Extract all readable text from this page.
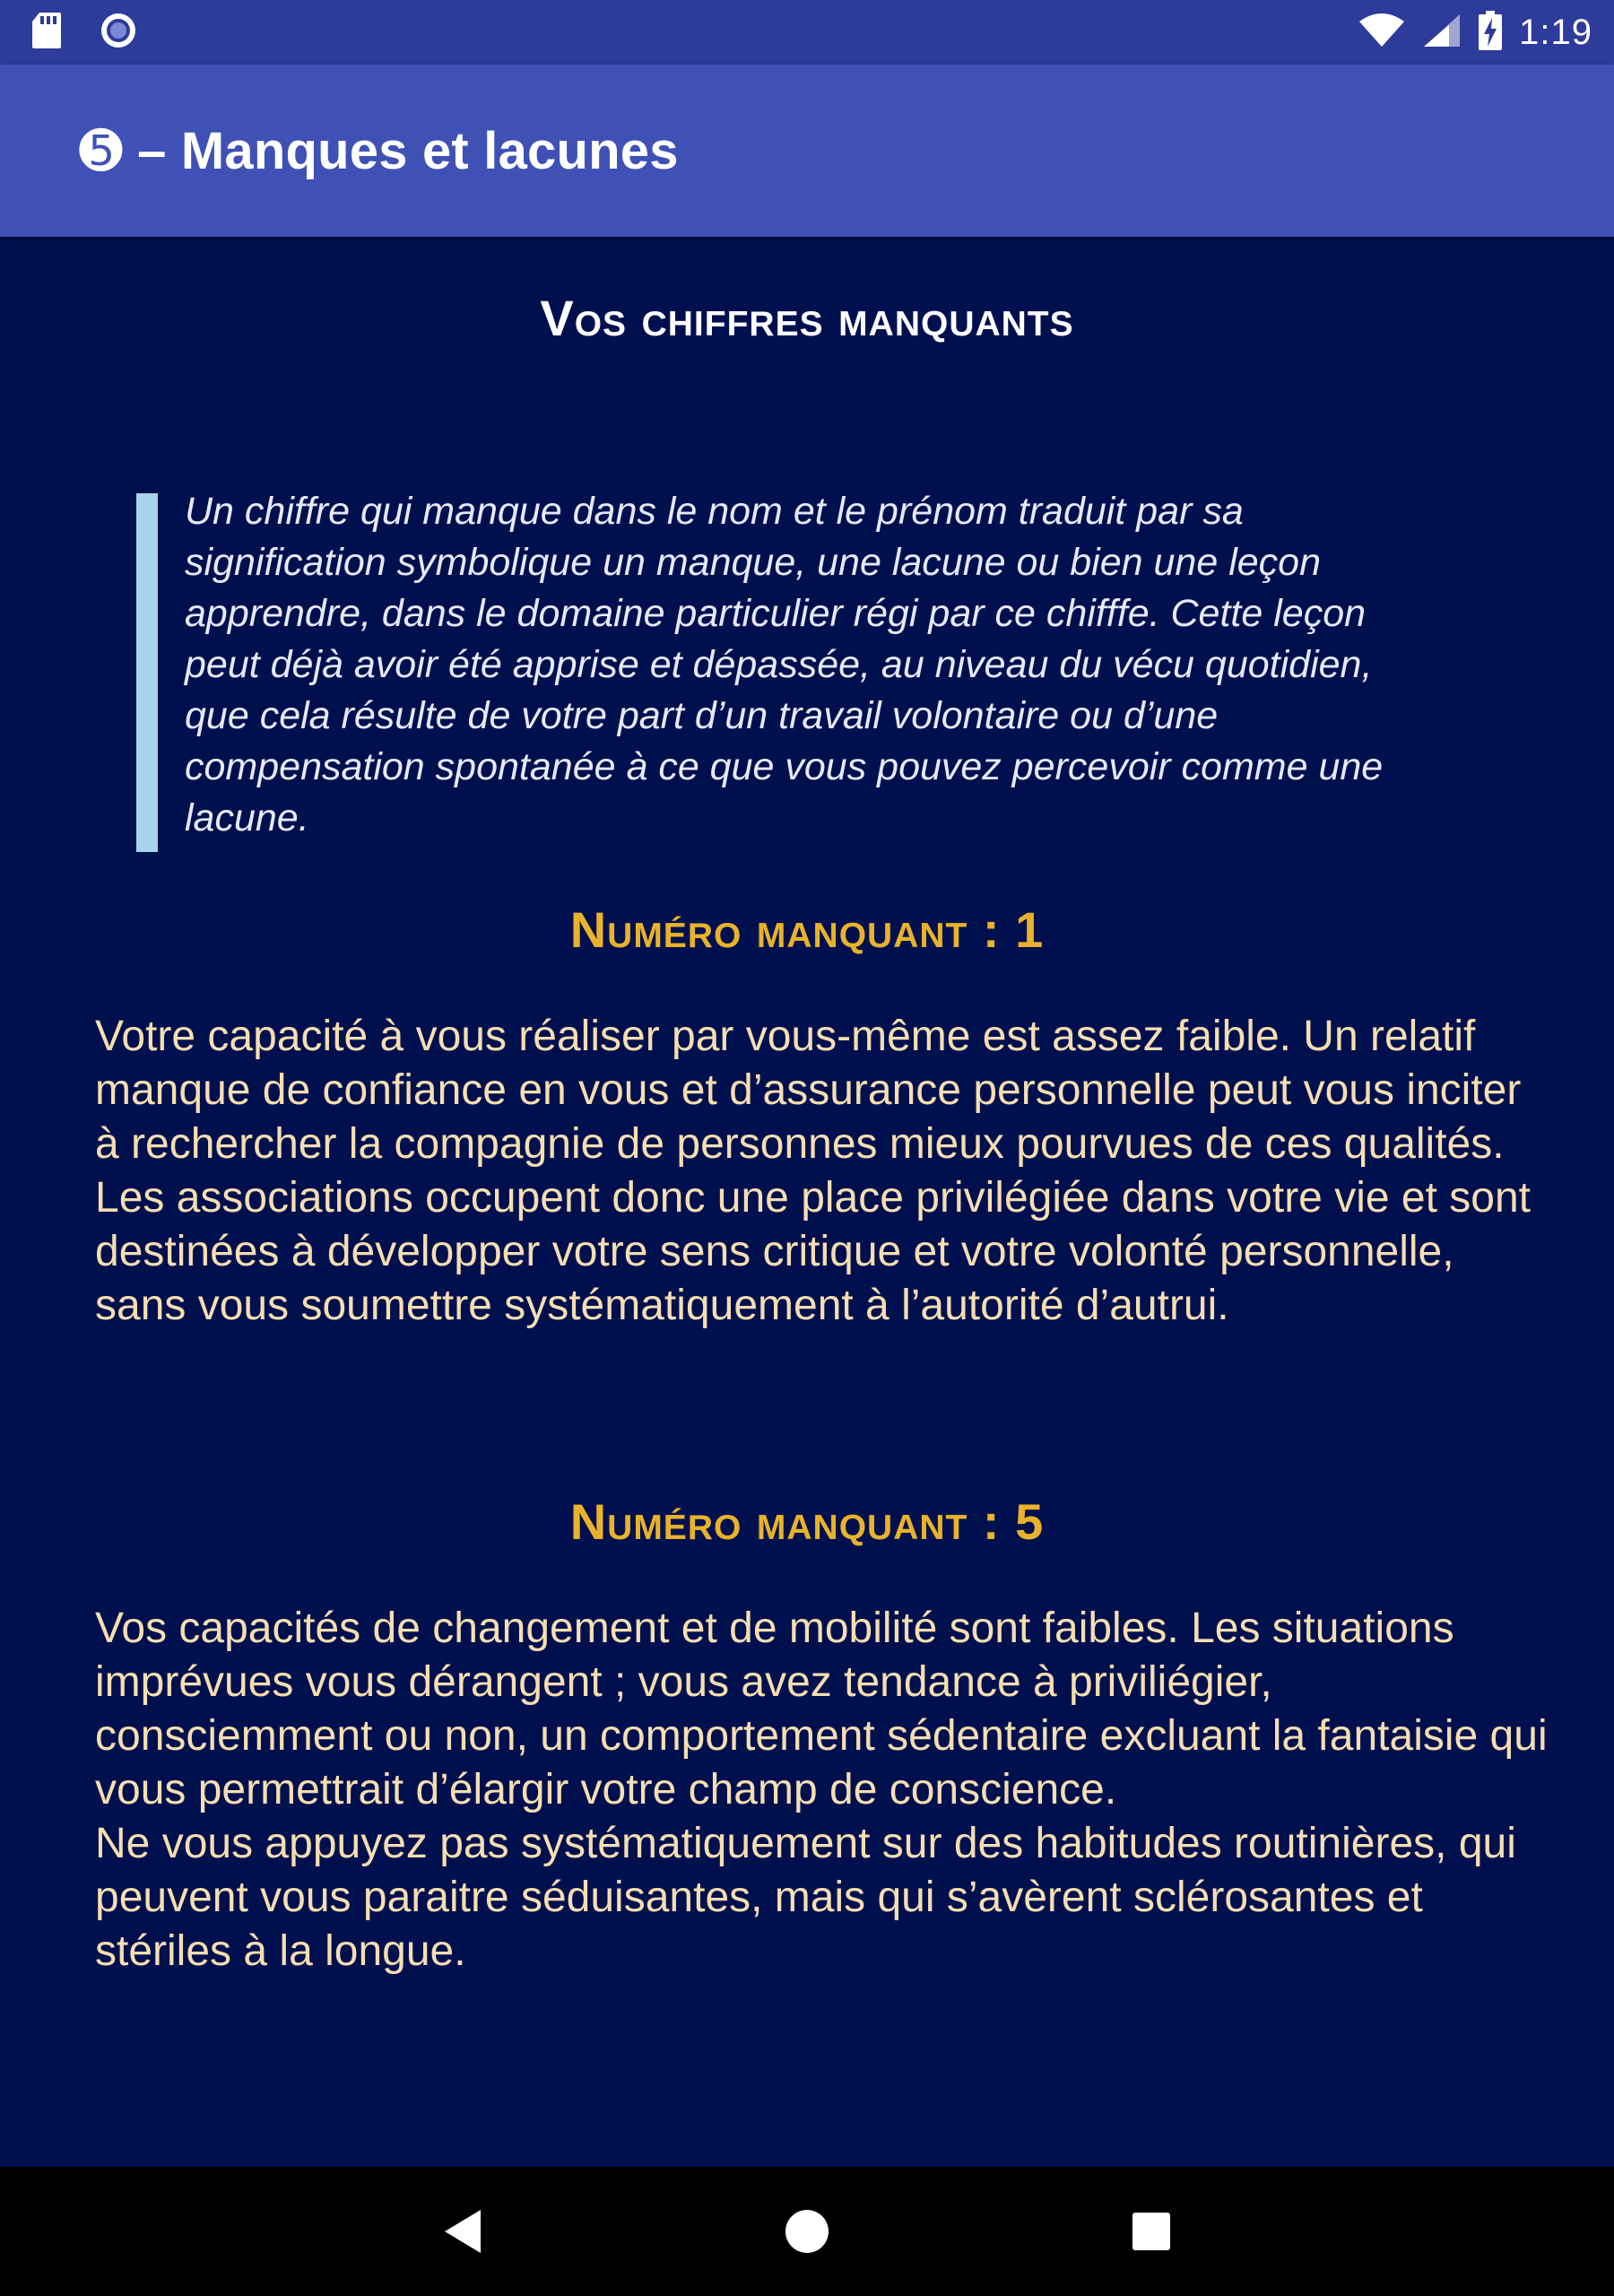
1:19
➎ – Manques et lacunes
Vos chiffres manquants

Un chiffre qui manque dans le nom et le prénom traduit par sa signification symbolique un manque, une lacune ou bien une leçon apprendre, dans le domaine particulier régi par ce chifffe. Cette leçon peut déjà avoir été apprise et dépassée, au niveau du vécu quotidien, que cela résulte de votre part d’un travail volontaire ou d’une compensation spontanée à ce que vous pouvez percevoir comme une lacune.

Numéro manquant : 1

Votre capacité à vous réaliser par vous-même est assez faible. Un relatif manque de confiance en vous et d’assurance personnelle peut vous inciter à rechercher la compagnie de personnes mieux pourvues de ces qualités.

Les associations occupent donc une place privilégiée dans votre vie et sont destinées à développer votre sens critique et votre volonté personnelle, sans vous soumettre systématiquement à l’autorité d’autrui.

Numéro manquant : 5

Vos capacités de changement et de mobilité sont faibles. Les situations imprévues vous dérangent ; vous avez tendance à priviliégier, consciemment ou non, un comportement sédentaire excluant la fantaisie qui vous permettrait d’élargir votre champ de conscience.

Ne vous appuyez pas systématiquement sur des habitudes routinières, qui peuvent vous paraitre séduisantes, mais qui s’avèrent sclérosantes et stériles à la longue.
